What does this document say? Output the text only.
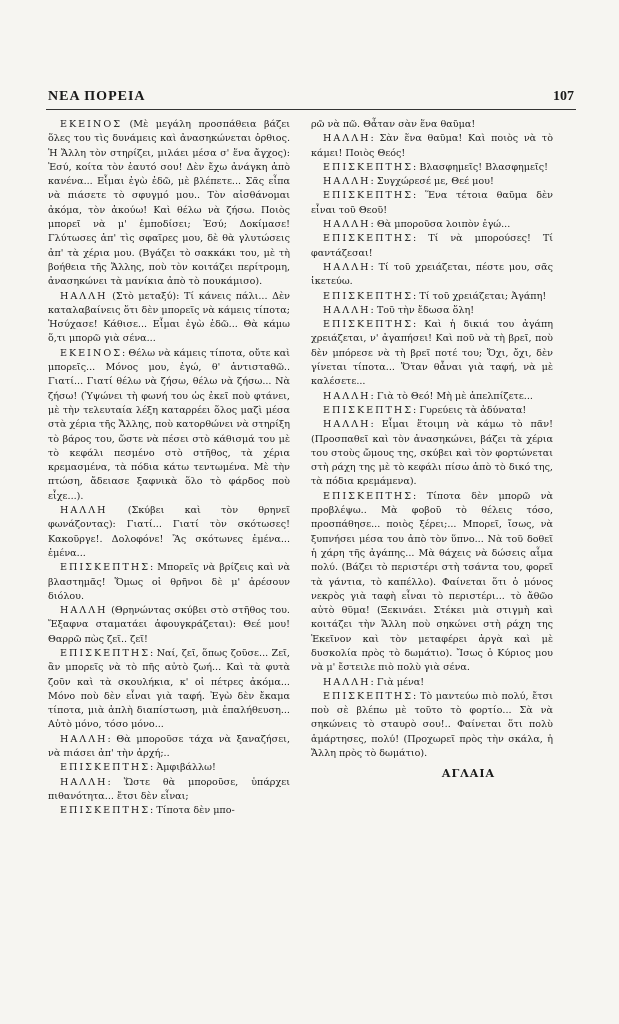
ΝΕΑ ΠΟΡΕΙΑ	107

ΕΚΕΙΝΟΣ (Μὲ μεγάλη προσπάθεια βάζει ὅλες του τὶς δυνάμεις καὶ ἀνασηκώνεται ὀρθιος. Ἡ Ἄλλη τὸν στηρίζει, μιλάει μέσα σ' ἕνα ἄγχος): Ἐσύ, κοίτα τὸν ἑαυτό σου! Δὲν ἔχω ἀνάγκη ἀπὸ κανένα... Εἶμαι ἐγὼ ἐδῶ, μὲ βλέπετε... Σᾶς εἶπα νὰ πιάσετε τὸ σφυγμό μου.. Τὸν αἰσθάνομαι ἀκόμα, τὸν ἀκούω! Καὶ θέλω νὰ ζήσω. Ποιὸς μπορεῖ νὰ μ' ἐμποδίσει; Ἐσύ; Δοκίμασε! Γλύτωσες ἀπ' τὶς σφαῖρες μου, δὲ θὰ γλυτώσεις ἀπ' τὰ χέρια μου. (Βγάζει τὸ σακκάκι του, μὲ τὴ βοήθεια τῆς Ἄλλης, ποὺ τὸν κοιτάζει περίτρομη, ἀνασηκώνει τὰ μανίκια ἀπὸ τὸ πουκάμισο).

ΗΑΛΛΗ (Στὸ μεταξύ): Τί κάνεις πάλι... Δὲν καταλαβαίνεις ὅτι δὲν μπορεῖς νὰ κάμεις τίποτα; Ἡσύχασε! Κάθισε... Εἶμαι ἐγὼ ἐδῶ... Θὰ κάμω ὅ,τι μπορῶ γιὰ σένα...

ΕΚΕΙΝΟΣ: Θέλω νὰ κάμεις τίποτα, οὔτε καὶ μπορεῖς... Μόνος μου, ἐγώ, θ' ἀντισταθῶ.. Γιατί... Γιατί θέλω νὰ ζήσω, θέλω νὰ ζήσω... Νὰ ζήσω! (Ὑψώνει τὴ φωνή του ὡς ἐκεῖ ποὺ φτάνει, μὲ τὴν τελευταία λέξη καταρρέει ὅλος μαζὶ μέσα στὰ χέρια τῆς Ἄλλης, ποὺ κατορθώνει νὰ στηρίξη τὸ βάρος του, ὥστε νὰ πέσει στὸ κάθισμά του μὲ τὸ κεφάλι πεσμένο στὸ στῆθος, τὰ χέρια κρεμασμένα, τὰ πόδια κάτω τεντωμένα. Μὲ τὴν πτώση, ἄδειασε ξαφνικὰ ὅλο τὸ φάρδος ποὺ εἶχε...).

ΗΑΛΛΗ (Σκύβει καὶ τὸν θρηνεῖ φωνάζοντας): Γιατί... Γιατί τὸν σκότωσες! Κακοῦργε!. Δολοφόνε! Ἂς σκότωνες ἐμένα... ἐμένα...

ΕΠΙΣΚΕΠΤΗΣ: Μπορεῖς νὰ βρίζεις καὶ νὰ βλαστημᾶς! Ὅμως οἱ θρῆνοι δὲ μ' ἀρέσουν διόλου.

ΗΑΛΛΗ (Θρηνώντας σκύβει στὸ στῆθος του. Ἔξαφνα σταματάει ἀφουγκράζεται): Θεέ μου! Θαρρῶ πὼς ζεῖ.. ζεῖ!

ΕΠΙΣΚΕΠΤΗΣ: Ναί, ζεῖ, ὅπως ζοῦσε... Ζεῖ, ἂν μπορεῖς νὰ τὸ πῆς αὐτὸ ζωή... Καὶ τὰ φυτὰ ζοῦν καὶ τὰ σκουλήκια, κ' οἱ πέτρες ἀκόμα... Μόνο ποὺ δὲν εἶναι γιὰ ταφή. Ἐγὼ δὲν ἔκαμα τίποτα, μιὰ ἁπλὴ διαπίστωση, μιὰ ἐπαλήθευση... Αὐτὸ μόνο, τόσο μόνο...

ΗΑΛΛΗ: Θὰ μποροῦσε τάχα νὰ ξαναζήσει, νὰ πιάσει ἀπ' τὴν ἀρχή;..

ΕΠΙΣΚΕΠΤΗΣ: Ἀμφιβάλλω!

ΗΑΛΛΗ: Ὥστε θὰ μποροῦσε, ὑπάρχει πιθανότητα... ἔτσι δὲν εἶναι;

ΕΠΙΣΚΕΠΤΗΣ: Τίποτα δὲν μπο-

ρῶ νὰ πῶ. Θἆταν σὰν ἕνα θαῦμα!

ΗΑΛΛΗ: Σὰν ἕνα θαῦμα! Καὶ ποιὸς νὰ τὸ κάμει! Ποιὸς Θεός!

ΕΠΙΣΚΕΠΤΗΣ: Βλασφημεῖς! Βλασφημεῖς!

ΗΑΛΛΗ: Συγχώρεσέ με, Θεέ μου!

ΕΠΙΣΚΕΠΤΗΣ: Ἕνα τέτοια θαῦμα δὲν εἶναι τοῦ Θεοῦ!

ΗΑΛΛΗ: Θὰ μποροῦσα λοιπὸν ἐγώ...

ΕΠΙΣΚΕΠΤΗΣ: Τί νὰ μπορούσες! Τί φαντάζεσαι!

ΗΑΛΛΗ: Τί τοῦ χρειάζεται, πέστε μου, σᾶς ἱκετεύω.

ΕΠΙΣΚΕΠΤΗΣ: Τί τοῦ χρειάζεται; Ἀγάπη!

ΗΑΛΛΗ: Τοῦ τὴν ἔδωσα ὅλη!

ΕΠΙΣΚΕΠΤΗΣ: Καὶ ἡ δικιά του ἀγάπη χρειάζεται, ν' ἀγαπήσει! Καὶ ποῦ νὰ τὴ βρεῖ, ποὺ δὲν μπόρεσε νὰ τὴ βρεῖ ποτέ του; Ὄχι, ὄχι, δὲν γίνεται τίποτα... Ὅταν θἆναι γιὰ ταφή, νὰ μὲ καλέσετε...

ΗΑΛΛΗ: Γιὰ τὸ Θεό! Μὴ μὲ ἀπελπίζετε...

ΕΠΙΣΚΕΠΤΗΣ: Γυρεύεις τὰ ἀδύνατα!

ΗΑΛΛΗ: Εἶμαι ἕτοιμη νὰ κάμω τὸ πᾶν! (Προσπαθεῖ καὶ τὸν ἀνασηκώνει, βάζει τὰ χέρια του στοὺς ὤμους της, σκύβει καὶ τὸν φορτώνεται στὴ ράχη της μὲ τὸ κεφάλι πίσω ἀπὸ τὸ δικό της, τὰ πόδια κρεμάμενα).

ΕΠΙΣΚΕΠΤΗΣ: Τίποτα δὲν μπορῶ νὰ προβλέψω.. Μὰ φοβοῦ τὸ θέλεις τόσο, προσπάθησε... ποιὸς ξέρει;... Μπορεῖ, ἴσως, νὰ ξυπνήσει μέσα του ἀπὸ τὸν ὕπνο... Νὰ τοῦ δοθεῖ ἡ χάρη τῆς ἀγάπης... Μὰ θάχεις νὰ δώσεις αἷμα πολύ. (Βάζει τὸ περιστέρι στὴ τσάντα του, φορεῖ τὰ γάντια, τὸ καπέλλο). Φαίνεται ὅτι ὁ μόνος νεκρὸς γιὰ ταφὴ εἶναι τὸ περιστέρι... τὸ ἄθῶο αὐτὸ θῦμα! (Ξεκινάει. Στέκει μιὰ στιγμὴ καὶ κοιτάζει τὴν Ἄλλη ποὺ σηκώνει στὴ ράχη της Ἐκεῖνον καὶ τὸν μεταφέρει ἀργὰ καὶ μὲ δυσκολία πρὸς τὸ δωμάτιο). Ἴσως ὁ Κύριος μου νὰ μ' ἔστειλε πιὸ πολὺ γιὰ σένα.

ΗΑΛΛΗ: Γιὰ μένα!

ΕΠΙΣΚΕΠΤΗΣ: Τὸ μαντεύω πιὸ πολύ, ἔτσι ποὺ σὲ βλέπω μὲ τοῦτο τὸ φορτίο... Σὰ νὰ σηκώνεις τὸ σταυρὸ σου!.. Φαίνεται ὅτι πολὺ ἁμάρτησες, πολύ! (Προχωρεῖ πρὸς τὴν σκάλα, ἡ Ἄλλη πρὸς τὸ δωμάτιο).

ΑΓΛΑΙΑ
